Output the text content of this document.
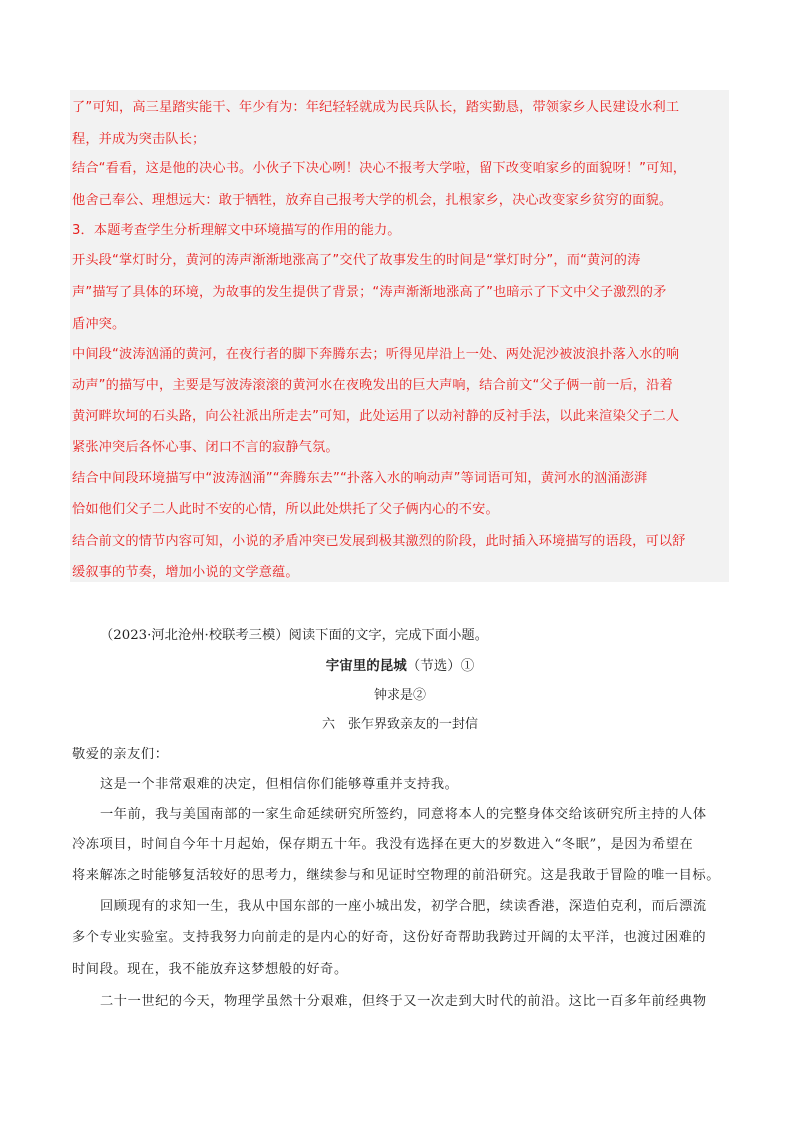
了”可知，高三星踏实能干、年少有为：年纪轻轻就成为民兵队长，踏实勤恳，带领家乡人民建设水利工
程，并成为突击队长；
结合“看看，这是他的决心书。小伙子下决心咧！决心不报考大学啦，留下改变咱家乡的面貌呀！”可知，
他舍己奉公、理想远大：敢于牺牲，放弃自己报考大学的机会，扎根家乡，决心改变家乡贫穷的面貌。
3．本题考查学生分析理解文中环境描写的作用的能力。
开头段“掌灯时分，黄河的涛声渐渐地涨高了”交代了故事发生的时间是“掌灯时分”，而“黄河的涛
声”描写了具体的环境，为故事的发生提供了背景；“涛声渐渐地涨高了”也暗示了下文中父子激烈的矛
盾冲突。
中间段“波涛汹涌的黄河，在夜行者的脚下奔腾东去；听得见岸沿上一处、两处泥沙被波浪扑落入水的响
动声”的描写中，主要是写波涛滚滚的黄河水在夜晚发出的巨大声响，结合前文“父子俩一前一后，沿着
黄河畔坎坷的石头路，向公社派出所走去”可知，此处运用了以动衬静的反衬手法，以此来渲染父子二人
紧张冲突后各怀心事、闭口不言的寂静气氛。
结合中间段环境描写中“波涛汹涌”“奔腾东去”“扑落入水的响动声”等词语可知，黄河水的汹涌澎湃
恰如他们父子二人此时不安的心情，所以此处烘托了父子俩内心的不安。
结合前文的情节内容可知，小说的矛盾冲突已发展到极其激烈的阶段，此时插入环境描写的语段，可以舒
缓叙事的节奏，增加小说的文学意蕴。
（2023·河北沧州·校联考三模）阅读下面的文字，完成下面小题。
宇宙里的昆城（节选）①
钟求是②
六　张乍界致亲友的一封信
敬爱的亲友们：
这是一个非常艰难的决定，但相信你们能够尊重并支持我。
一年前，我与美国南部的一家生命延续研究所签约，同意将本人的完整身体交给该研究所主持的人体
冷冻项目，时间自今年十月起始，保存期五十年。我没有选择在更大的岁数进入“冬眠”，是因为希望在
将来解冻之时能够复活较好的思考力，继续参与和见证时空物理的前沿研究。这是我敢于冒险的唯一目标。
回顾现有的求知一生，我从中国东部的一座小城出发，初学合肥，续读香港，深造伯克利，而后漂流
多个专业实验室。支持我努力向前走的是内心的好奇，这份好奇帮助我跨过开阔的太平洋，也渡过困难的
时间段。现在，我不能放弃这梦想般的好奇。
二十一世纪的今天，物理学虽然十分艰难，但终于又一次走到大时代的前沿。这比一百多年前经典物
